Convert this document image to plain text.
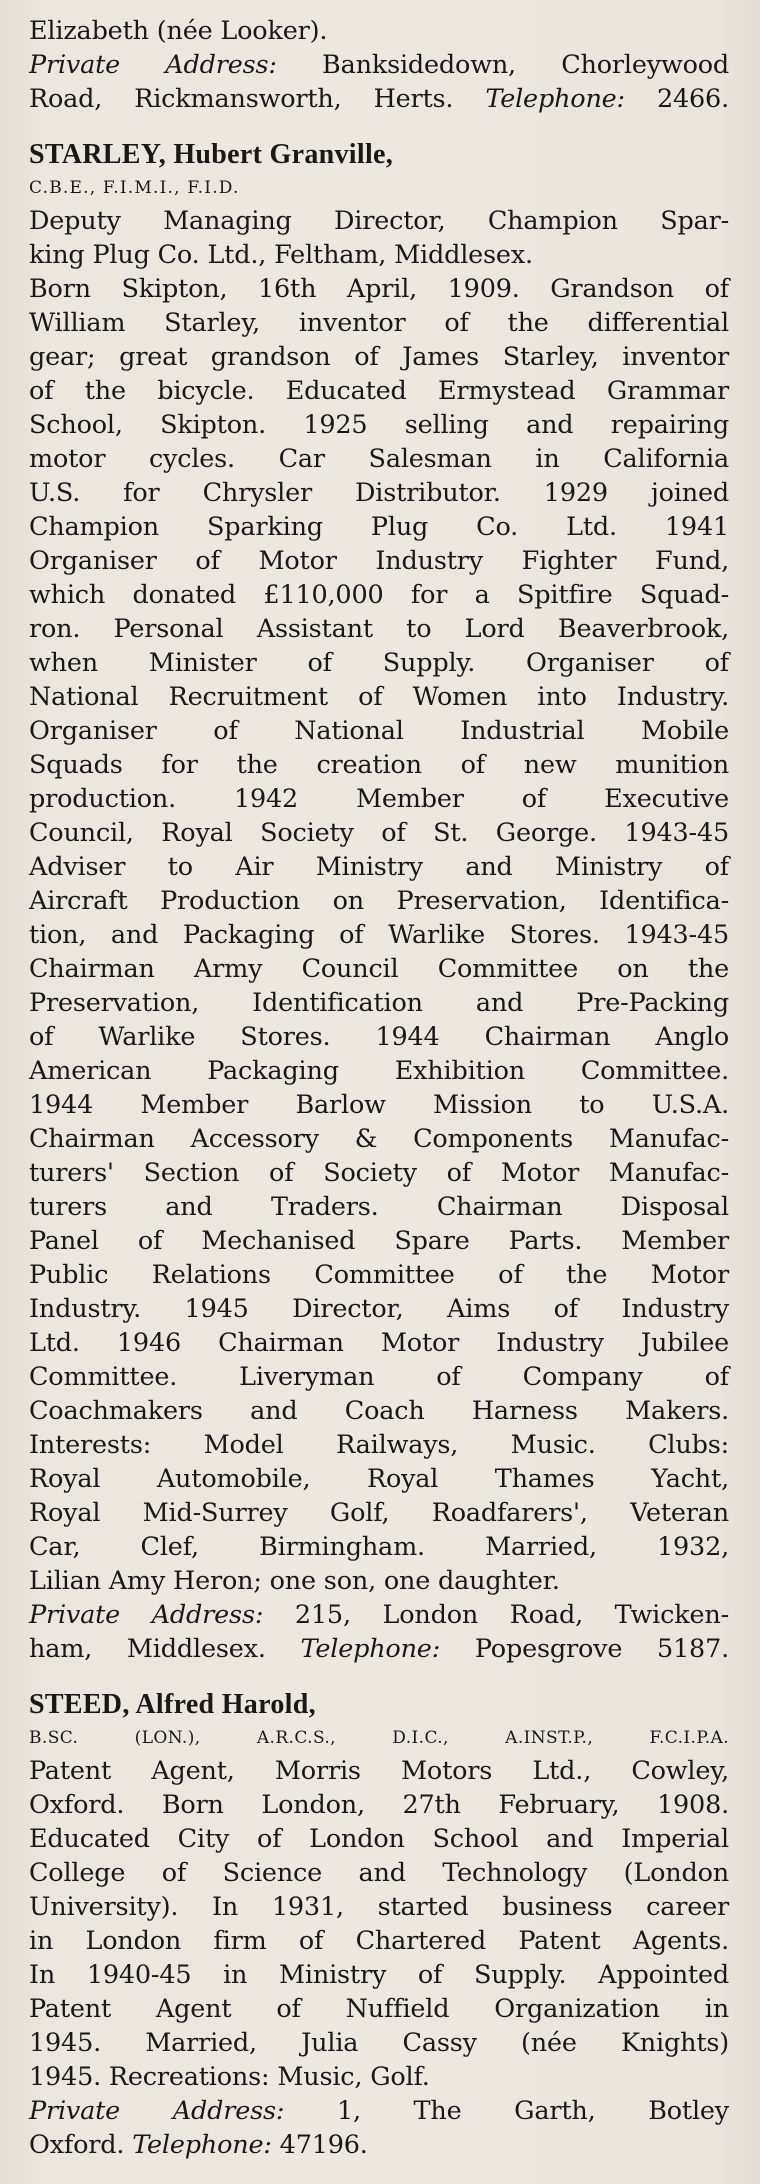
Elizabeth (née Looker).
Private Address: Banksidedown, Chorleywood
Road, Rickmansworth, Herts. Telephone: 2466.
STARLEY, Hubert Granville,
C.B.E., F.I.M.I., F.I.D.
Deputy Managing Director, Champion Spar-
king Plug Co. Ltd., Feltham, Middlesex.
Born Skipton, 16th April, 1909. Grandson of
William Starley, inventor of the differential
gear; great grandson of James Starley, inventor
of the bicycle. Educated Ermystead Grammar
School, Skipton. 1925 selling and repairing
motor cycles. Car Salesman in California
U.S. for Chrysler Distributor. 1929 joined
Champion Sparking Plug Co. Ltd. 1941
Organiser of Motor Industry Fighter Fund,
which donated £110,000 for a Spitfire Squad-
ron. Personal Assistant to Lord Beaverbrook,
when Minister of Supply. Organiser of
National Recruitment of Women into Industry.
Organiser of National Industrial Mobile
Squads for the creation of new munition
production. 1942 Member of Executive
Council, Royal Society of St. George. 1943-45
Adviser to Air Ministry and Ministry of
Aircraft Production on Preservation, Identifica-
tion, and Packaging of Warlike Stores. 1943-45
Chairman Army Council Committee on the
Preservation, Identification and Pre-Packing
of Warlike Stores. 1944 Chairman Anglo
American Packaging Exhibition Committee.
1944 Member Barlow Mission to U.S.A.
Chairman Accessory & Components Manufac-
turers' Section of Society of Motor Manufac-
turers and Traders. Chairman Disposal
Panel of Mechanised Spare Parts. Member
Public Relations Committee of the Motor
Industry. 1945 Director, Aims of Industry
Ltd. 1946 Chairman Motor Industry Jubilee
Committee. Liveryman of Company of
Coachmakers and Coach Harness Makers.
Interests: Model Railways, Music. Clubs:
Royal Automobile, Royal Thames Yacht,
Royal Mid-Surrey Golf, Roadfarers', Veteran
Car, Clef, Birmingham. Married, 1932,
Lilian Amy Heron; one son, one daughter.
Private Address: 215, London Road, Twicken-
ham, Middlesex. Telephone: Popesgrove 5187.
STEED, Alfred Harold,
B.SC. (LON.), A.R.C.S., D.I.C., A.INST.P., F.C.I.P.A.
Patent Agent, Morris Motors Ltd., Cowley,
Oxford. Born London, 27th February, 1908.
Educated City of London School and Imperial
College of Science and Technology (London
University). In 1931, started business career
in London firm of Chartered Patent Agents.
In 1940-45 in Ministry of Supply. Appointed
Patent Agent of Nuffield Organization in
1945. Married, Julia Cassy (née Knights)
1945. Recreations: Music, Golf.
Private Address: 1, The Garth, Botley
Oxford. Telephone: 47196.
